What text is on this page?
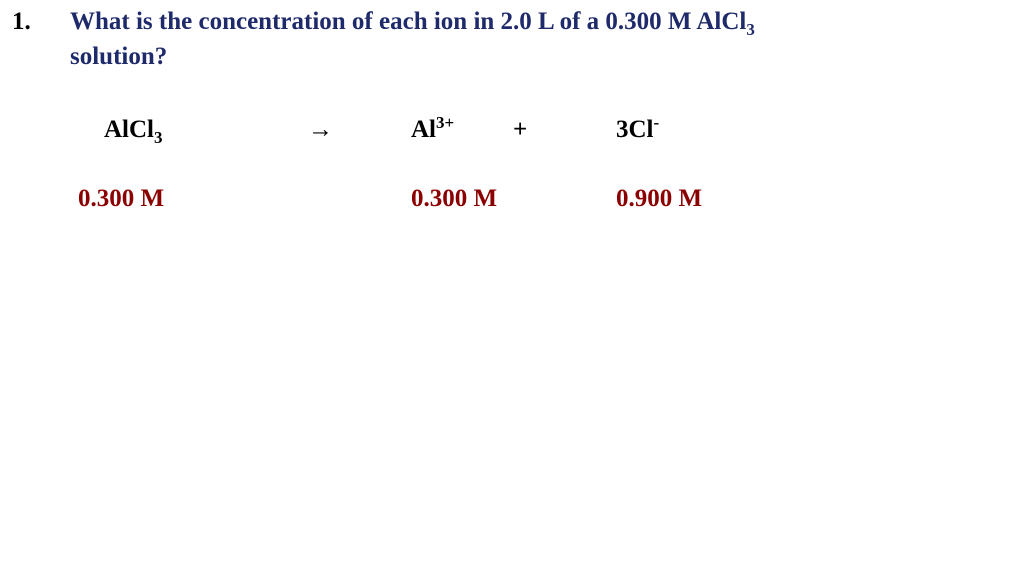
1. What is the concentration of each ion in 2.0 L of a 0.300 M AlCl$_3$
solution?
AlCl$_3$	→	$Al^{3+}$ +	3Cl-
0.300 M	0.300 M	0.900 M
